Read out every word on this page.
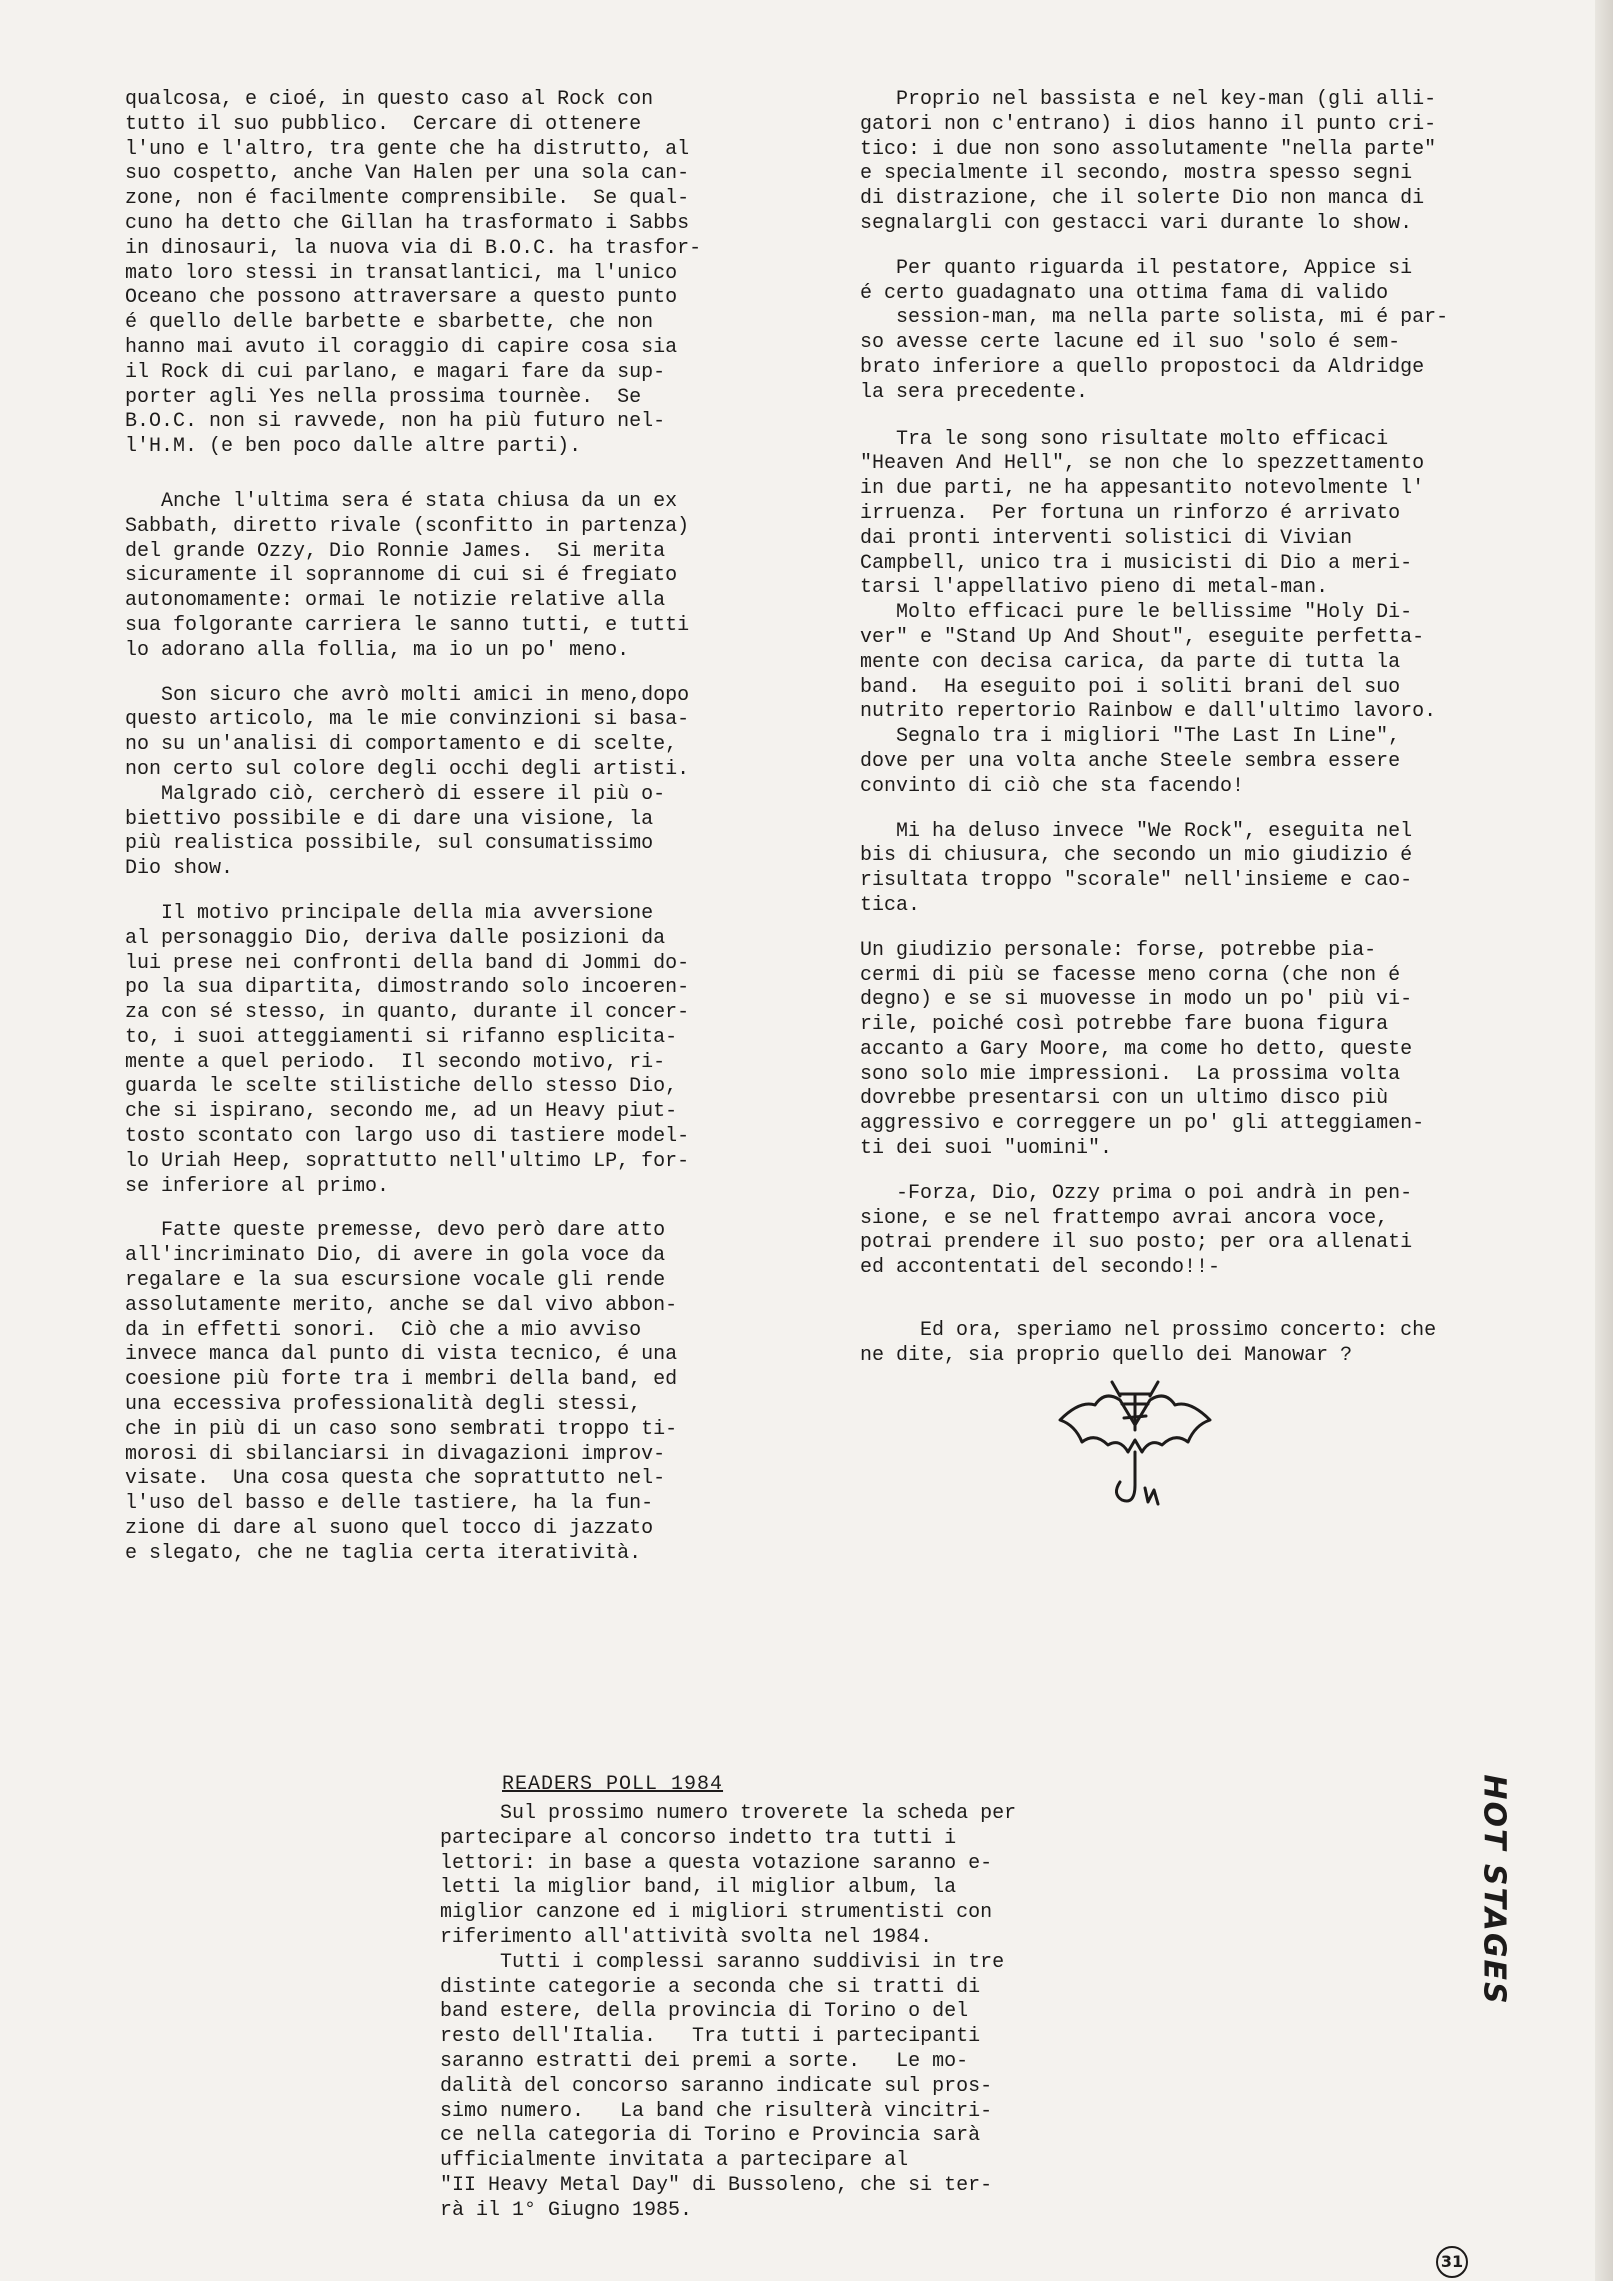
qualcosa, e cioé, in questo caso al Rock con
tutto il suo pubblico.  Cercare di ottenere
l'uno e l'altro, tra gente che ha distrutto, al
suo cospetto, anche Van Halen per una sola can-
zone, non é facilmente comprensibile.  Se qual-
cuno ha detto che Gillan ha trasformato i Sabbs
in dinosauri, la nuova via di B.O.C. ha trasfor-
mato loro stessi in transatlantici, ma l'unico
Oceano che possono attraversare a questo punto
é quello delle barbette e sbarbette, che non
hanno mai avuto il coraggio di capire cosa sia
il Rock di cui parlano, e magari fare da sup-
porter agli Yes nella prossima tournèe.  Se
B.O.C. non si ravvede, non ha più futuro nel-
l'H.M. (e ben poco dalle altre parti).

Anche l'ultima sera é stata chiusa da un ex
Sabbath, diretto rivale (sconfitto in partenza)
del grande Ozzy, Dio Ronnie James.  Si merita
sicuramente il soprannome di cui si é fregiato
autonomamente: ormai le notizie relative alla
sua folgorante carriera le sanno tutti, e tutti
lo adorano alla follia, ma io un po' meno.

Son sicuro che avrò molti amici in meno,dopo
questo articolo, ma le mie convinzioni si basa-
no su un'analisi di comportamento e di scelte,
non certo sul colore degli occhi degli artisti.
Malgrado ciò, cercherò di essere il più o-
biettivo possibile e di dare una visione, la
più realistica possibile, sul consumatissimo
Dio show.

Il motivo principale della mia avversione
al personaggio Dio, deriva dalle posizioni da
lui prese nei confronti della band di Jommi do-
po la sua dipartita, dimostrando solo incoeren-
za con sé stesso, in quanto, durante il concer-
to, i suoi atteggiamenti si rifanno esplicita-
mente a quel periodo.  Il secondo motivo, ri-
guarda le scelte stilistiche dello stesso Dio,
che si ispirano, secondo me, ad un Heavy piut-
tosto scontato con largo uso di tastiere model-
lo Uriah Heep, soprattutto nell'ultimo LP, for-
se inferiore al primo.

Fatte queste premesse, devo però dare atto
all'incriminato Dio, di avere in gola voce da
regalare e la sua escursione vocale gli rende
assolutamente merito, anche se dal vivo abbon-
da in effetti sonori.  Ciò che a mio avviso
invece manca dal punto di vista tecnico, é una
coesione più forte tra i membri della band, ed
una eccessiva professionalità degli stessi,
che in più di un caso sono sembrati troppo ti-
morosi di sbilanciarsi in divagazioni improv-
visate.  Una cosa questa che soprattutto nel-
l'uso del basso e delle tastiere, ha la fun-
zione di dare al suono quel tocco di jazzato
e slegato, che ne taglia certa iteratività.

Proprio nel bassista e nel key-man (gli alli-
gatori non c'entrano) i dios hanno il punto cri-
tico: i due non sono assolutamente "nella parte"
e specialmente il secondo, mostra spesso segni
di distrazione, che il solerte Dio non manca di
segnalargli con gestacci vari durante lo show.

Per quanto riguarda il pestatore, Appice si
é certo guadagnato una ottima fama di valido
session-man, ma nella parte solista, mi é par-
so avesse certe lacune ed il suo 'solo é sem-
brato inferiore a quello propostoci da Aldridge
la sera precedente.

Tra le song sono risultate molto efficaci
"Heaven And Hell", se non che lo spezzettamento
in due parti, ne ha appesantito notevolmente l'
irruenza.  Per fortuna un rinforzo é arrivato
dai pronti interventi solistici di Vivian
Campbell, unico tra i musicisti di Dio a meri-
tarsi l'appellativo pieno di metal-man.
Molto efficaci pure le bellissime "Holy Di-
ver" e "Stand Up And Shout", eseguite perfetta-
mente con decisa carica, da parte di tutta la
band.  Ha eseguito poi i soliti brani del suo
nutrito repertorio Rainbow e dall'ultimo lavoro.
Segnalo tra i migliori "The Last In Line",
dove per una volta anche Steele sembra essere
convinto di ciò che sta facendo!

Mi ha deluso invece "We Rock", eseguita nel
bis di chiusura, che secondo un mio giudizio é
risultata troppo "scorale" nell'insieme e cao-
tica.

Un giudizio personale: forse, potrebbe pia-
cermi di più se facesse meno corna (che non é
degno) e se si muovesse in modo un po' più vi-
rile, poiché così potrebbe fare buona figura
accanto a Gary Moore, ma come ho detto, queste
sono solo mie impressioni.  La prossima volta
dovrebbe presentarsi con un ultimo disco più
aggressivo e correggere un po' gli atteggiamen-
ti dei suoi "uomini".

-Forza, Dio, Ozzy prima o poi andrà in pen-
sione, e se nel frattempo avrai ancora voce,
potrai prendere il suo posto; per ora allenati
ed accontentati del secondo!!-

Ed ora, speriamo nel prossimo concerto: che
ne dite, sia proprio quello dei Manowar ?

READERS POLL 1984

Sul prossimo numero troverete la scheda per
partecipare al concorso indetto tra tutti i
lettori: in base a questa votazione saranno e-
letti la miglior band, il miglior album, la
miglior canzone ed i migliori strumentisti con
riferimento all'attività svolta nel 1984.
Tutti i complessi saranno suddivisi in tre
distinte categorie a seconda che si tratti di
band estere, della provincia di Torino o del
resto dell'Italia.   Tra tutti i partecipanti
saranno estratti dei premi a sorte.   Le mo-
dalità del concorso saranno indicate sul pros-
simo numero.   La band che risulterà vincitri-
ce nella categoria di Torino e Provincia sarà
ufficialmente invitata a partecipare al
"II Heavy Metal Day" di Bussoleno, che si ter-
rà il 1° Giugno 1985.

HOT STAGES
31
